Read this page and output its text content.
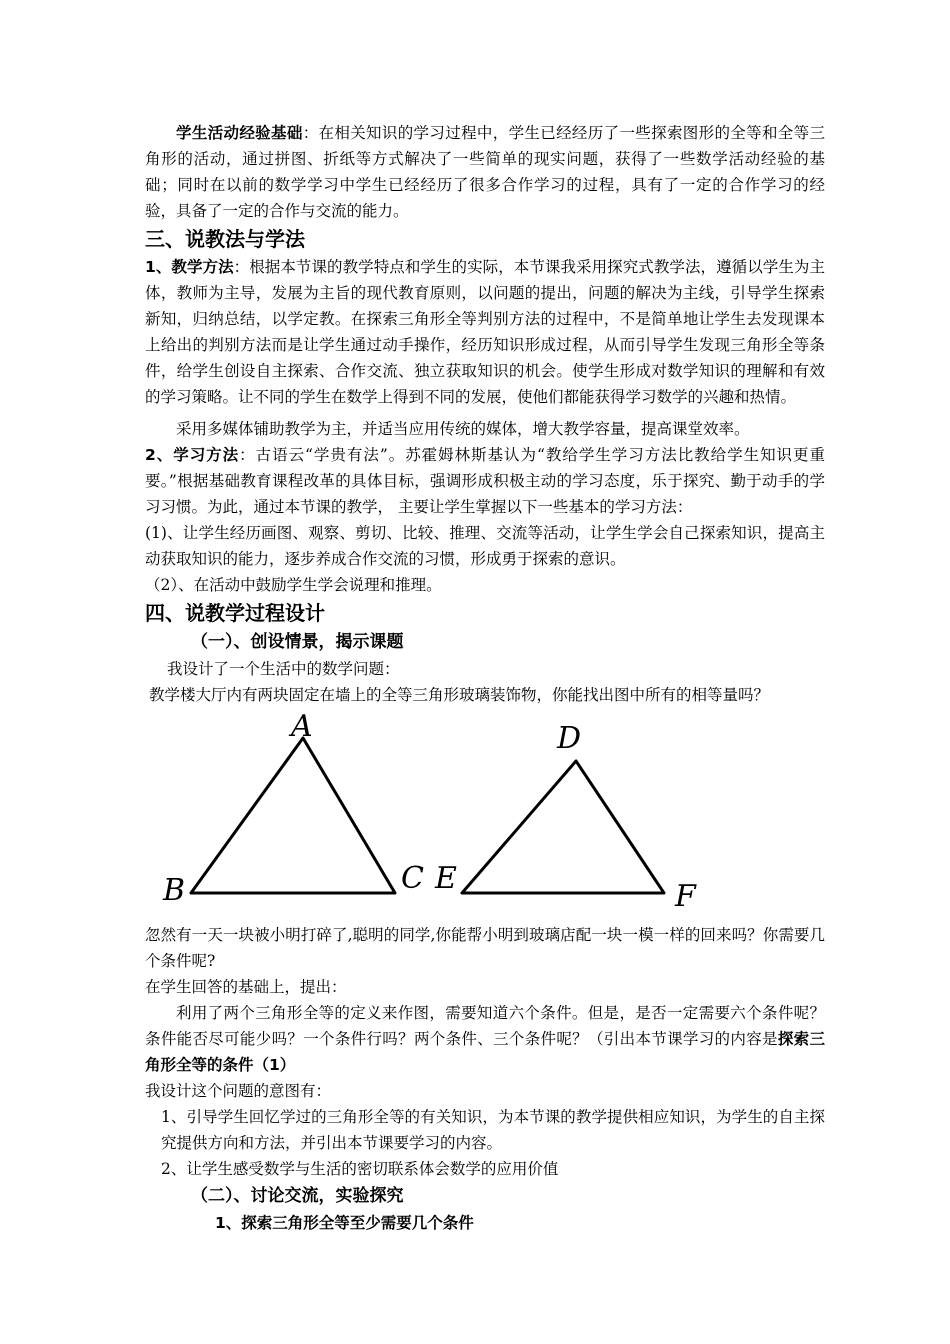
学生活动经验基础：在相关知识的学习过程中，学生已经经历了一些探索图形的全等和全等三角形的活动，通过拼图、折纸等方式解决了一些简单的现实问题，获得了一些数学活动经验的基础；同时在以前的数学学习中学生已经经历了很多合作学习的过程，具有了一定的合作学习的经验，具备了一定的合作与交流的能力。

三、说教法与学法

1、教学方法：根据本节课的教学特点和学生的实际，本节课我采用探究式教学法，遵循以学生为主体，教师为主导，发展为主旨的现代教育原则，以问题的提出，问题的解决为主线，引导学生探索新知，归纳总结，以学定教。在探索三角形全等判别方法的过程中，不是简单地让学生去发现课本上给出的判别方法而是让学生通过动手操作，经历知识形成过程，从而引导学生发现三角形全等条件，给学生创设自主探索、合作交流、独立获取知识的机会。使学生形成对数学知识的理解和有效的学习策略。让不同的学生在数学上得到不同的发展，使他们都能获得学习数学的兴趣和热情。

采用多媒体铺助教学为主，并适当应用传统的媒体，增大教学容量，提高课堂效率。

2、学习方法：古语云“学贵有法”。苏霍姆林斯基认为“教给学生学习方法比教给学生知识更重要。”根据基础教育课程改革的具体目标，强调形成积极主动的学习态度，乐于探究、勤于动手的学习习惯。为此，通过本节课的教学， 主要让学生掌握以下一些基本的学习方法：

(1)、让学生经历画图、观察、剪切、比较、推理、交流等活动，让学生学会自己探索知识，提高主动获取知识的能力，逐步养成合作交流的习惯，形成勇于探索的意识。

（2）、在活动中鼓励学生学会说理和推理。

四、说教学过程设计
（一）、创设情景，揭示课题

我设计了一个生活中的数学问题：

教学楼大厅内有两块固定在墙上的全等三角形玻璃装饰物，你能找出图中所有的相等量吗？

A
B	C
D
E
F

忽然有一天一块被小明打碎了,聪明的同学,你能帮小明到玻璃店配一块一模一样的回来吗？你需要几个条件呢?

在学生回答的基础上，提出：

利用了两个三角形全等的定义来作图，需要知道六个条件。但是，是否一定需要六个条件呢？条件能否尽可能少吗？一个条件行吗？两个条件、三个条件呢？（引出本节课学习的内容是探索三角形全等的条件（1）

我设计这个问题的意图有：

1、引导学生回忆学过的三角形全等的有关知识，为本节课的教学提供相应知识，为学生的自主探究提供方向和方法，并引出本节课要学习的内容。

2、让学生感受数学与生活的密切联系体会数学的应用价值

（二）、讨论交流，实验探究
1、探索三角形全等至少需要几个条件
